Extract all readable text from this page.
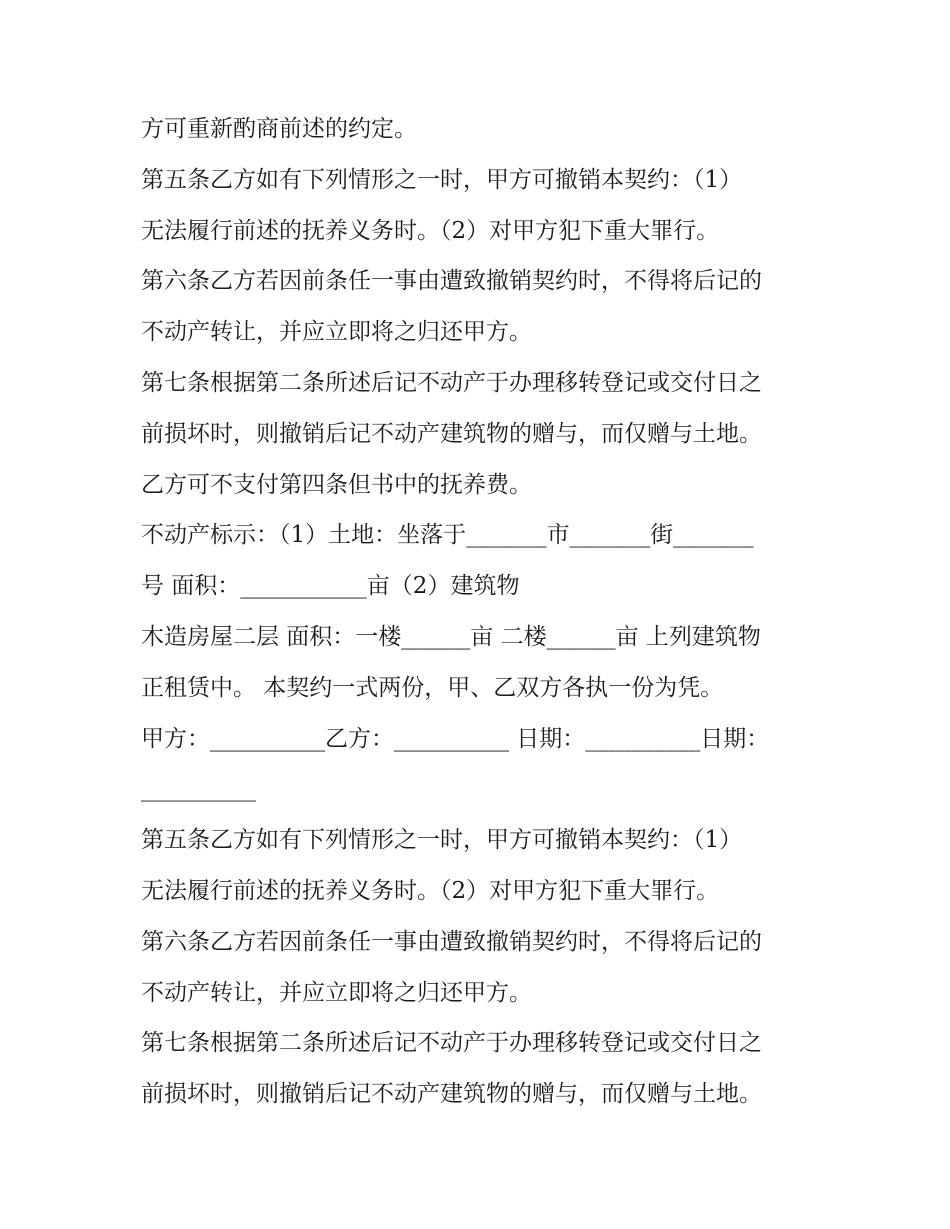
方可重新酌商前述的约定。
第五条乙方如有下列情形之一时，甲方可撤销本契约：（1）
无法履行前述的抚养义务时。（2）对甲方犯下重大罪行。
第六条乙方若因前条任一事由遭致撤销契约时，不得将后记的
不动产转让，并应立即将之归还甲方。
第七条根据第二条所述后记不动产于办理移转登记或交付日之
前损坏时，则撤销后记不动产建筑物的赠与，而仅赠与土地。
乙方可不支付第四条但书中的抚养费。
不动产标示：（1）土地：坐落于_______市_______街_______
号 面积：___________亩（2）建筑物
木造房屋二层 面积：一楼______亩 二楼______亩 上列建筑物
正租赁中。 本契约一式两份，甲、乙双方各执一份为凭。
甲方：__________乙方：__________ 日期：__________日期：
__________
第五条乙方如有下列情形之一时，甲方可撤销本契约：（1）
无法履行前述的抚养义务时。（2）对甲方犯下重大罪行。
第六条乙方若因前条任一事由遭致撤销契约时，不得将后记的
不动产转让，并应立即将之归还甲方。
第七条根据第二条所述后记不动产于办理移转登记或交付日之
前损坏时，则撤销后记不动产建筑物的赠与，而仅赠与土地。
